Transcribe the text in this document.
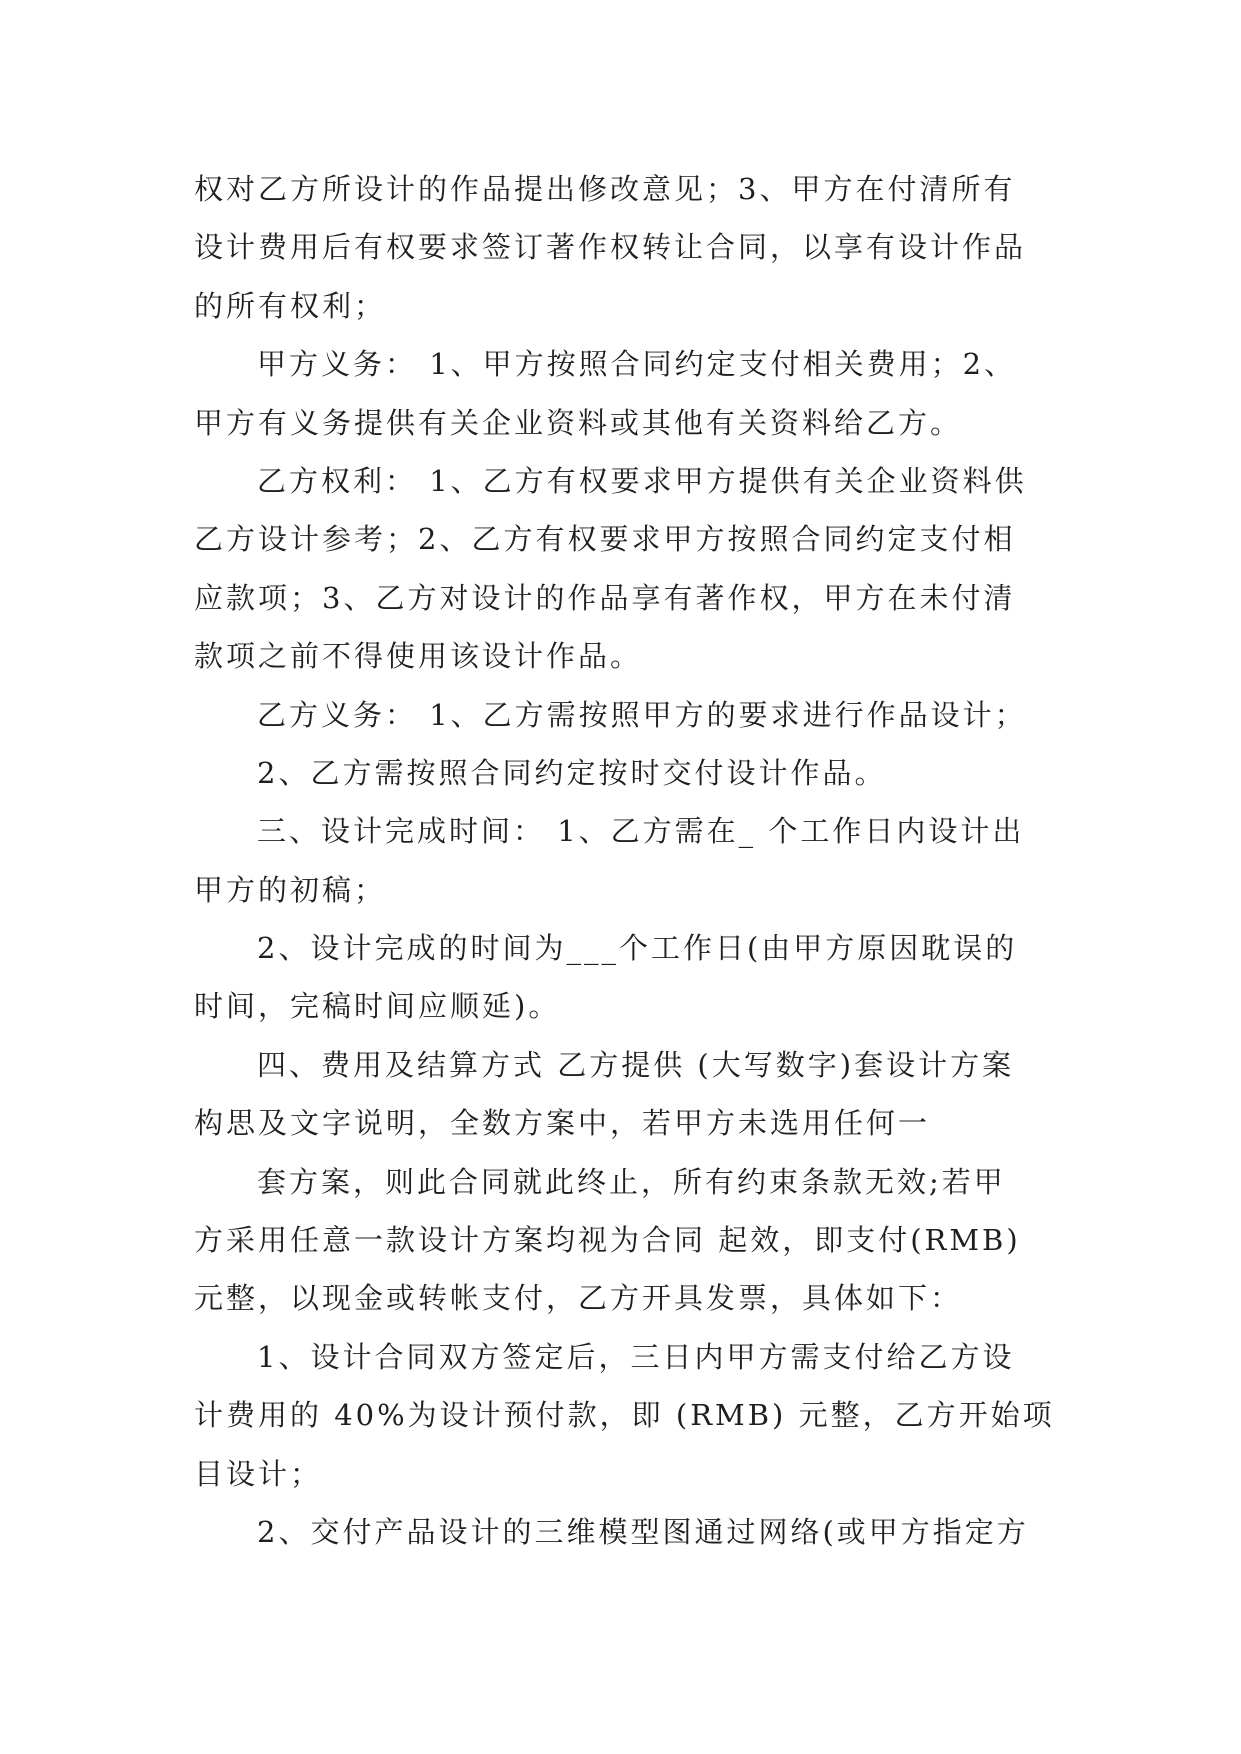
权对乙方所设计的作品提出修改意见；3、甲方在付清所有
设计费用后有权要求签订著作权转让合同，以享有设计作品
的所有权利；
甲方义务： 1、甲方按照合同约定支付相关费用；2、
甲方有义务提供有关企业资料或其他有关资料给乙方。
乙方权利： 1、乙方有权要求甲方提供有关企业资料供
乙方设计参考；2、乙方有权要求甲方按照合同约定支付相
应款项；3、乙方对设计的作品享有著作权，甲方在未付清
款项之前不得使用该设计作品。
乙方义务： 1、乙方需按照甲方的要求进行作品设计；
2、乙方需按照合同约定按时交付设计作品。
三、设计完成时间： 1、乙方需在_ 个工作日内设计出
甲方的初稿；
2、设计完成的时间为___个工作日(由甲方原因耽误的
时间，完稿时间应顺延)。
四、费用及结算方式 乙方提供 (大写数字)套设计方案
构思及文字说明，全数方案中，若甲方未选用任何一
套方案，则此合同就此终止，所有约束条款无效;若甲
方采用任意一款设计方案均视为合同 起效，即支付(RMB)
元整，以现金或转帐支付，乙方开具发票，具体如下：
1、设计合同双方签定后，三日内甲方需支付给乙方设
计费用的 40%为设计预付款，即 (RMB) 元整，乙方开始项
目设计；
2、交付产品设计的三维模型图通过网络(或甲方指定方
